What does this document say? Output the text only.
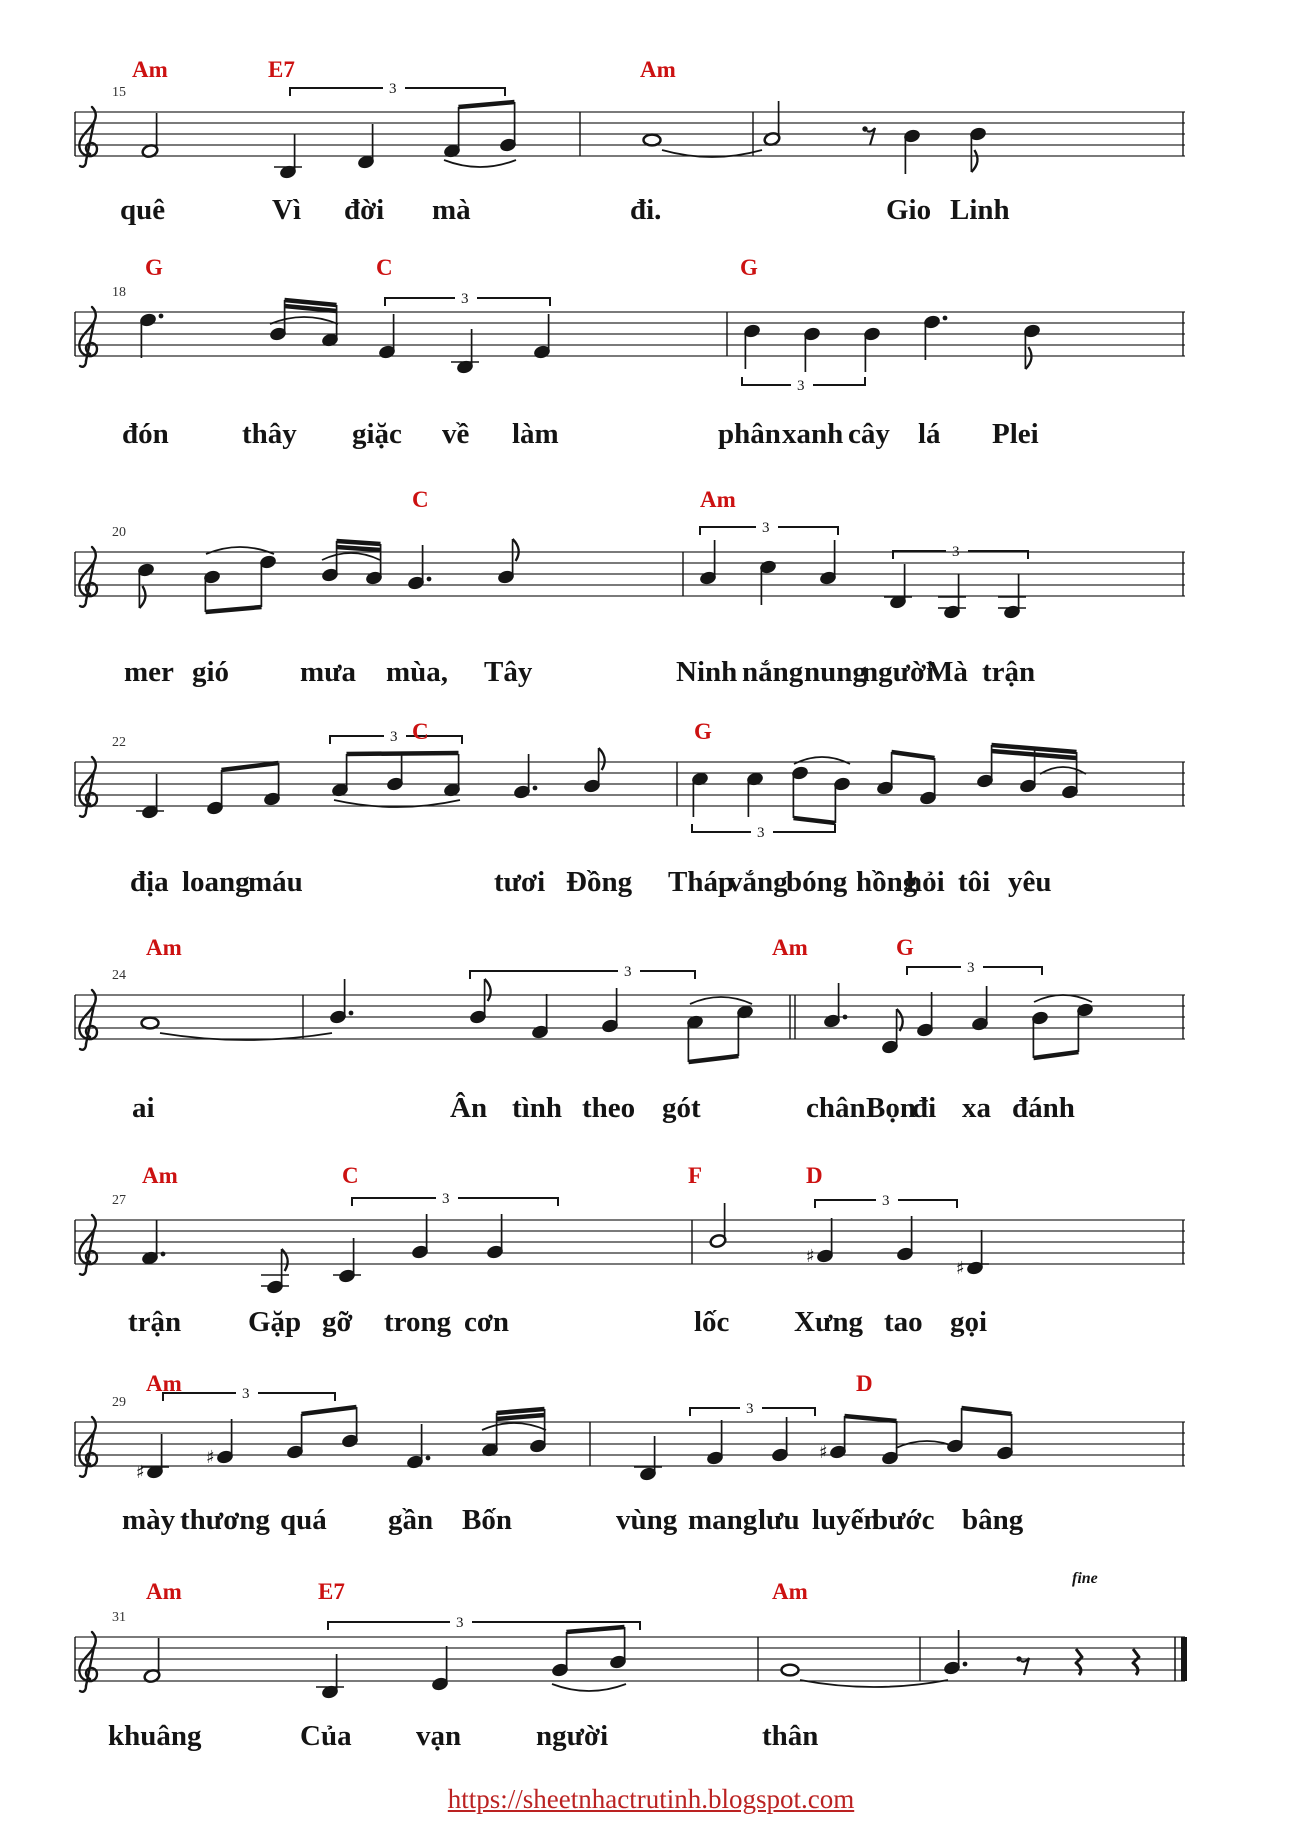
3
3
3
3
3
3
3
3	3
♯
♯
3	3
♯
♯	♯
3
3
3
15
Am	E7	Am
quê	Vì đời mà	đi.	Gio Linh
18
G	C	G
đón	thây giặc về làm	phân xanh cây lá Plei
20
C	Am
mer gió mưa mùa, Tây	Ninh nắng nung
người
Mà trận
22	C	G
địa loang
máu	tươi Đồng Tháp
vắng
bóng hồng
hỏi tôi yêu
24
Am	Am	G
ai	Ân tình theo gót	chân Bọn
đi xa đánh
27
Am	C	F	D
trận Gặp gỡ trong cơn	lốc Xưng tao gọi
29
Am	D
mày thương quá gần Bốn	vùng mang lưu luyến
bước bâng
31
Am	E7	Am
khuâng	Của vạn	người	thân
fine
https://sheetnhactrutinh.blogspot.com
